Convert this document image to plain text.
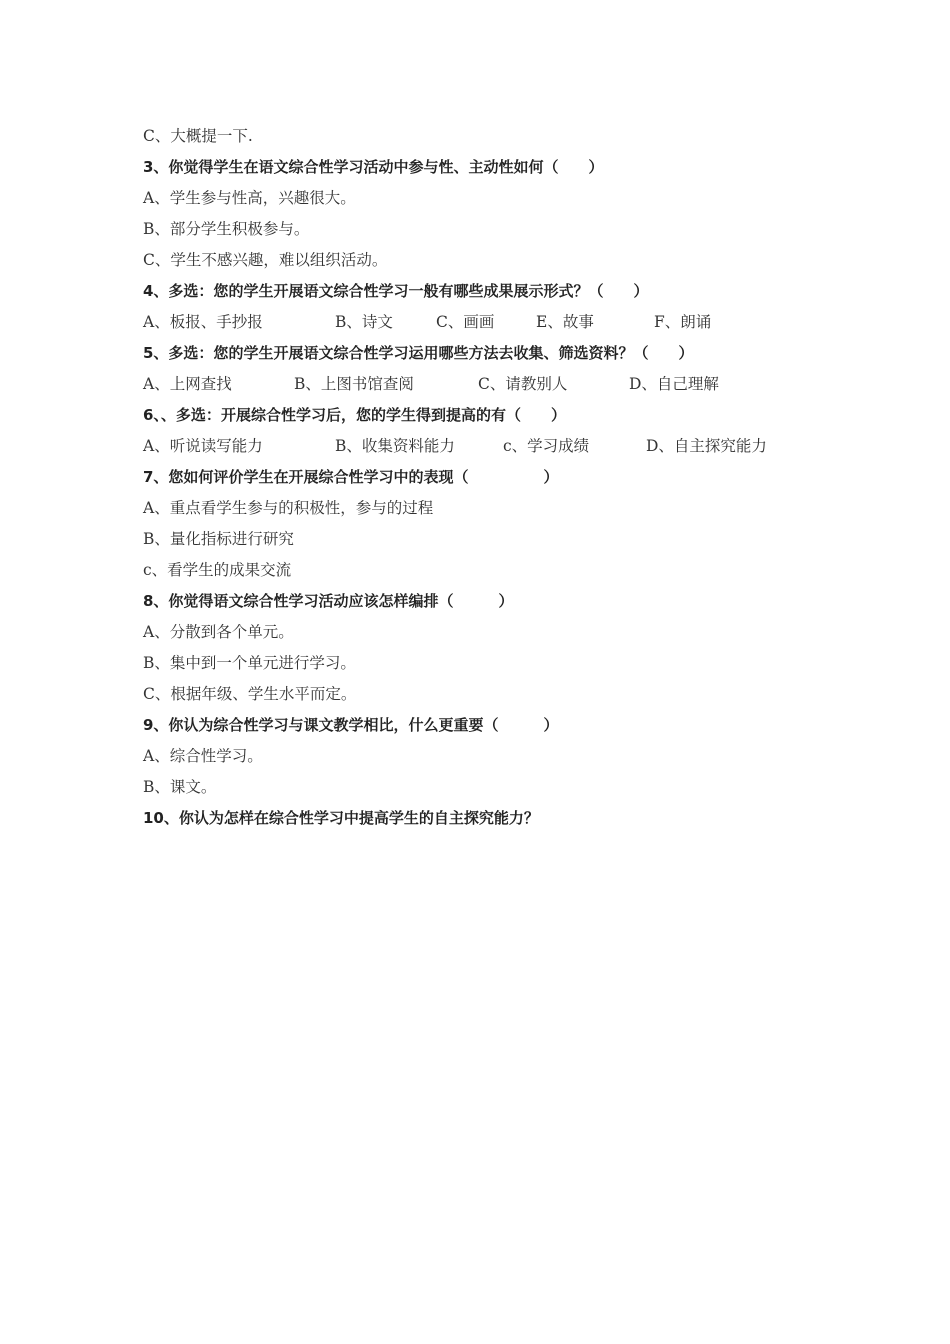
C、大概提一下.
3、你觉得学生在语文综合性学习活动中参与性、主动性如何（　　）
A、学生参与性高，兴趣很大。
B、部分学生积极参与。
C、学生不感兴趣，难以组织活动。
4、多选：您的学生开展语文综合性学习一般有哪些成果展示形式？（　　）
A、板报、手抄报	B、诗文	C、画画	E、故事	F、朗诵
5、多选：您的学生开展语文综合性学习运用哪些方法去收集、筛选资料？（　　）
A、上网查找	B、上图书馆查阅	C、请教别人	D、自己理解
6、、多选：开展综合性学习后，您的学生得到提高的有（　　）
A、听说读写能力	B、收集资料能力	c、学习成绩	D、自主探究能力
7、您如何评价学生在开展综合性学习中的表现（　　　　　）
A、重点看学生参与的积极性，参与的过程
B、量化指标进行研究
c、看学生的成果交流
8、你觉得语文综合性学习活动应该怎样编排（　　　）
A、分散到各个单元。
B、集中到一个单元进行学习。
C、根据年级、学生水平而定。
9、你认为综合性学习与课文教学相比，什么更重要（　　　）
A、综合性学习。
B、课文。
10、你认为怎样在综合性学习中提高学生的自主探究能力？
